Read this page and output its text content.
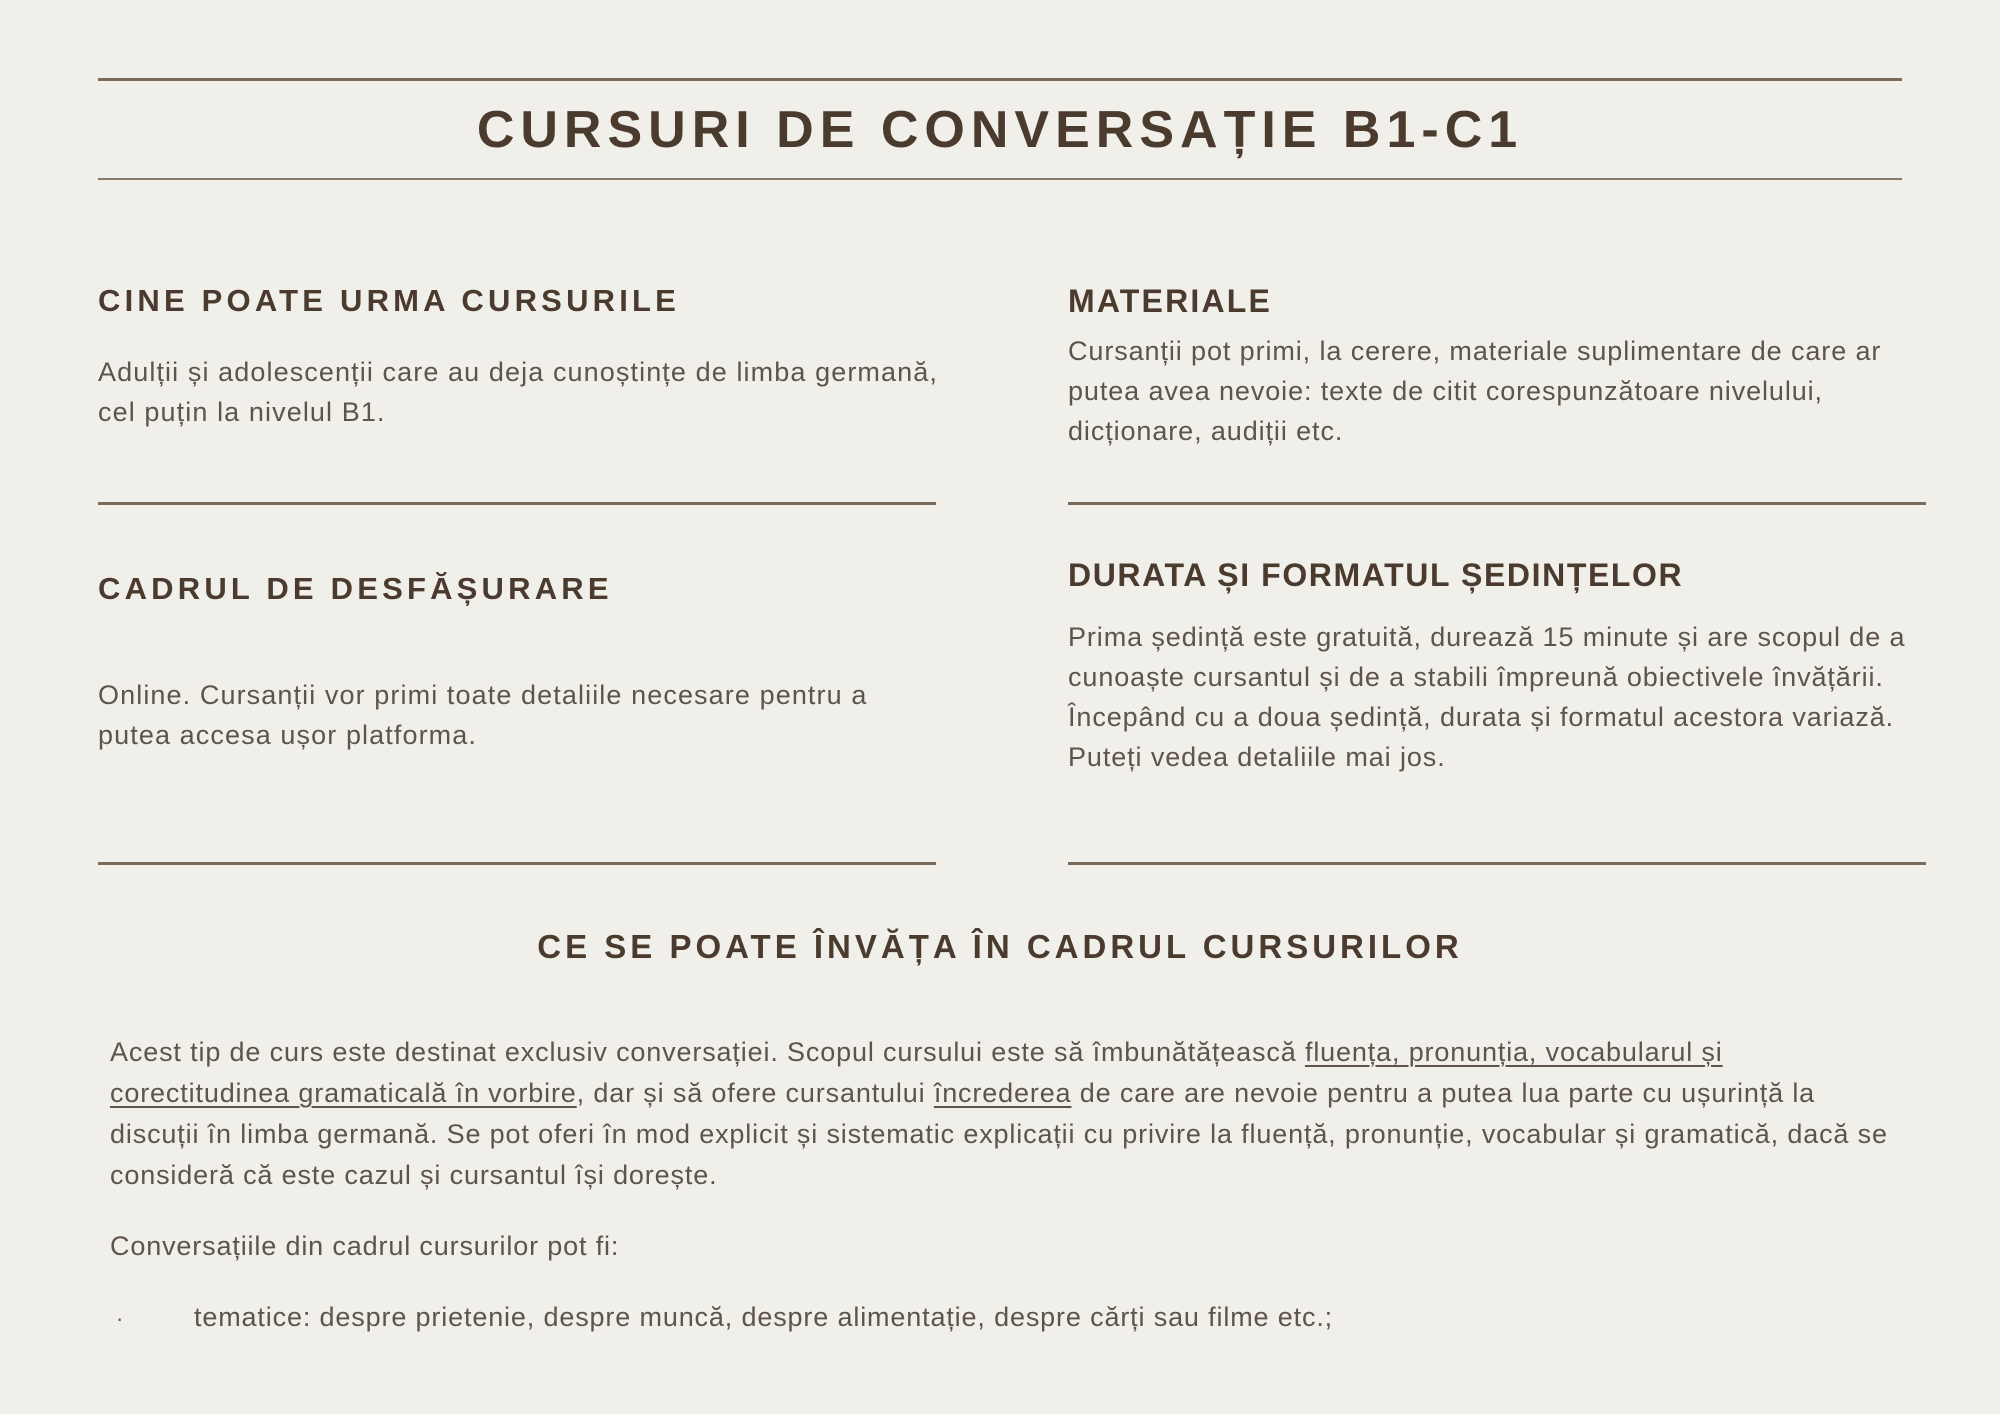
CURSURI DE CONVERSAȚIE B1-C1
CINE POATE URMA CURSURILE
Adulții și adolescenții care au deja cunoștințe de limba germană, cel puțin la nivelul B1.
CADRUL DE DESFĂȘURARE
Online. Cursanții vor primi toate detaliile necesare pentru a putea accesa ușor platforma.
MATERIALE
Cursanții pot primi, la cerere, materiale suplimentare de care ar putea avea nevoie: texte de citit corespunzătoare nivelului, dicționare, audiții etc.
DURATA ȘI FORMATUL ȘEDINȚELOR
Prima ședință este gratuită, durează 15 minute și are scopul de a cunoaște cursantul și de a stabili împreună obiectivele învățării. Începând cu a doua ședință, durata și formatul acestora variază. Puteți vedea detaliile mai jos.
CE SE POATE ÎNVĂȚA ÎN CADRUL CURSURILOR

Acest tip de curs este destinat exclusiv conversației. Scopul cursului este să îmbunătățească fluența, pronunția, vocabularul și corectitudinea gramaticală în vorbire, dar și să ofere cursantului încrederea de care are nevoie pentru a putea lua parte cu ușurință la discuții în limba germană. Se pot oferi în mod explicit și sistematic explicații cu privire la fluență, pronunție, vocabular și gramatică, dacă se consideră că este cazul și cursantul își dorește.

Conversațiile din cadrul cursurilor pot fi:

·	tematice: despre prietenie, despre muncă, despre alimentație, despre cărți sau filme etc.;
